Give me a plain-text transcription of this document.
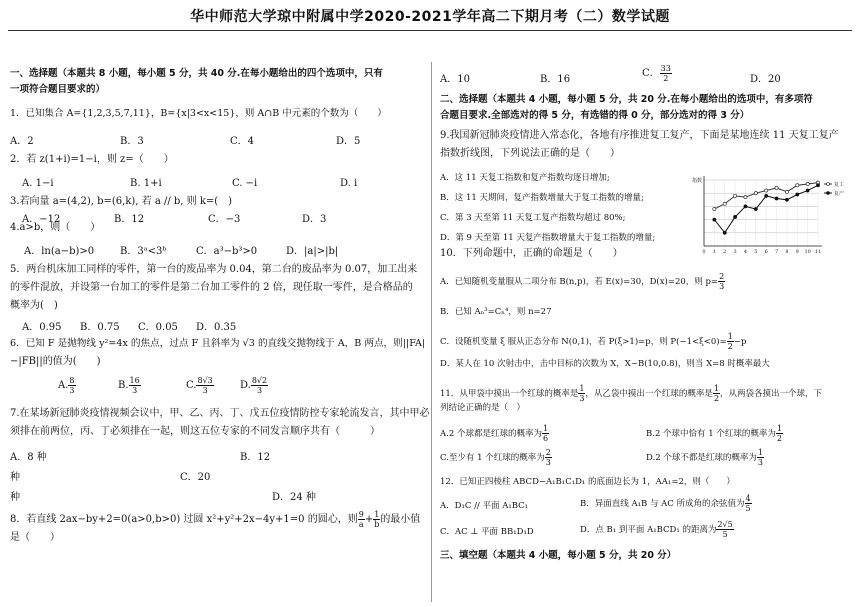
华中师范大学琼中附属中学2020-2021学年高二下期月考（二）数学试题
一、选择题（本题共 8 小题，每小题 5 分，共 40 分.在每小题给出的四个选项中，只有
一项符合题目要求的）
1．已知集合 A={1,2,3,5,7,11}，B={x|3<x<15}，则 A∩B 中元素的个数为（　　）
A．2	B．3	C．4	D．5
2．若 z(1+i)=1−i，则 z=（　　）
A. 1−i	B. 1+i	C. −i	D. i
3.若向量 a=(4,2), b=(6,k), 若 a // b, 则 k=(　)
A．−12	B．12	C．−3	D．3
4.a>b，则（　　）
A．ln(a−b)>0	B．3ᵃ<3ᵇ	C．a³−b³>0	D．|a|>|b|
5．两台机床加工同样的零件，第一台的废品率为 0.04，第二台的废品率为 0.07，加工出来
的零件混放，并设第一台加工的零件是第二台加工零件的 2 倍，现任取一零件，是合格品的
概率为(　)
A．0.95 B．0.75 C．0.05 D．0.35
6．已知 F 是抛物线 y²=4x 的焦点，过点 F 且斜率为 √3 的直线交抛物线于 A，B 两点，则||FA|
−|FB||的值为(　　)
A. $\frac{8}{3}$	B. $\frac{16}{3}$	C. $\frac{8√3}{3}$	D. $\frac{8√2}{3}$
7.在某场新冠肺炎疫情视频会议中，甲、乙、丙、丁、戊五位疫情防控专家轮流发言，其中甲必
须排在前两位，丙、丁必须排在一起，则这五位专家的不同发言顺序共有（　　　）
A．8 种	B．12
种	C．20
种	D．24 种
8．若直线 2ax−by+2=0(a>0,b>0) 过圆 x²+y²+2x−4y+1=0 的圆心，则 $\frac{9}{a} + \frac{1}{b}$ 的最小值
是（　　）
A．10	B．16
C． $\frac{33}{2}$	D．20
二、选择题（本题共 4 小题，每小题 5 分，共 20 分.在每小题给出的选项中，有多项符
合题目要求.全部选对的得 5 分，有选错的得 0 分，部分选对的得 3 分）
9.我国新冠肺炎疫情进入常态化，各地有序推进复工复产，下面是某地连续 11 天复工复产
指数折线图，下列说法正确的是（　　）
A．这 11 天复工指数和复产指数均逐日增加;
B．这 11 天期间，复产指数增量大于复工指数的增量;
C．第 3 天至第 11 天复工复产指数均超过 80%;
D．第 9 天至第 11 天复产指数增量大于复工指数的增量;
指数
0 1 2 3 4 5 6 7 8 9 10 11
复工
复产
10．下列命题中，正确的命题是（　　）
A．已知随机变量服从二项分布 B(n,p)，若 E(x)=30，D(x)=20，则 $p= \frac{2}{3}$
B．已知 Aₙ³=Cₙ⁴，则 n=27
C．设随机变量 ξ 服从正态分布 N(0,1)，若 P(ξ>1)=p，则 $P(-1<\xi<0)= \frac{1}{2} -p$
D．某人在 10 次射击中，击中目标的次数为 X，X~B(10,0.8)，则当 X=8 时概率最大
11．从甲袋中摸出一个红球的概率是 $\frac{1}{3}$ ，从乙袋中摸出一个红球的概率是 $\frac{1}{2}$ ，从两袋各摸出一个球，下
列结论正确的是（　）
A.2 个球都是红球的概率为 $\frac{1}{6}$	B.2 个球中恰有 1 个红球的概率为 $\frac{1}{2}$
C.至少有 1 个红球的概率为 $\frac{2}{3}$	D.2 个球不都是红球的概率为 $\frac{1}{3}$
12．已知正四棱柱 ABCD−A₁B₁C₁D₁ 的底面边长为 1，AA₁=2，则（　　）
A．D₁C // 平面 A₁BC₁	B．异面直线 A₁B 与 AC 所成角的余弦值为 $\frac{4}{5}$
C．AC ⊥ 平面 BB₁D₁D	D．点 B₁ 到平面 A₁BCD₁ 的距离为 $\frac{2√5}{5}$
三、填空题（本题共 4 小题，每小题 5 分，共 20 分）
